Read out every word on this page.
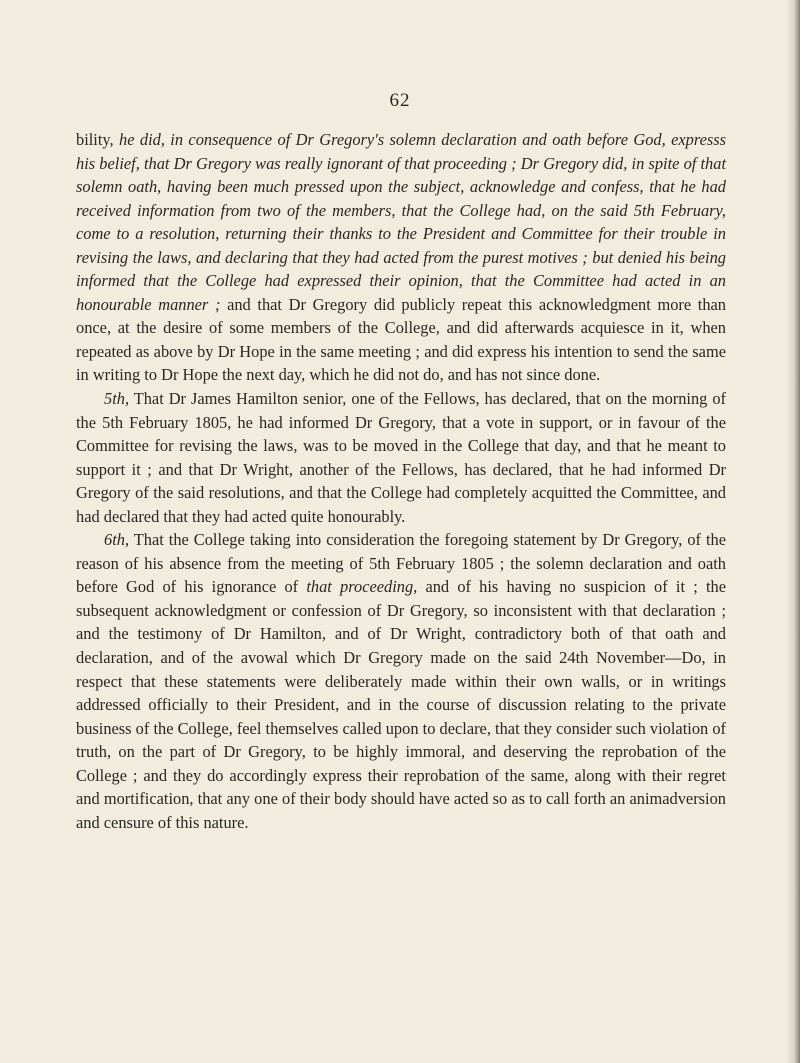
62

bility, he did, in consequence of Dr Gregory's solemn declaration and oath before God, expresss his belief, that Dr Gregory was really ignorant of that proceeding ; Dr Gregory did, in spite of that solemn oath, having been much pressed upon the subject, acknowledge and confess, that he had received information from two of the members, that the College had, on the said 5th February, come to a resolution, returning their thanks to the President and Committee for their trouble in revising the laws, and declaring that they had acted from the purest motives ; but denied his being informed that the College had expressed their opinion, that the Committee had acted in an honourable manner ; and that Dr Gregory did publicly repeat this acknowledgment more than once, at the desire of some members of the College, and did afterwards acquiesce in it, when repeated as above by Dr Hope in the same meeting ; and did express his intention to send the same in writing to Dr Hope the next day, which he did not do, and has not since done.

5th, That Dr James Hamilton senior, one of the Fellows, has declared, that on the morning of the 5th February 1805, he had informed Dr Gregory, that a vote in support, or in favour of the Committee for revising the laws, was to be moved in the College that day, and that he meant to support it ; and that Dr Wright, another of the Fellows, has declared, that he had informed Dr Gregory of the said resolutions, and that the College had completely acquitted the Committee, and had declared that they had acted quite honourably.

6th, That the College taking into consideration the foregoing statement by Dr Gregory, of the reason of his absence from the meeting of 5th February 1805 ; the solemn declaration and oath before God of his ignorance of that proceeding, and of his having no suspicion of it ; the subsequent acknowledgment or confession of Dr Gregory, so inconsistent with that declaration ; and the testimony of Dr Hamilton, and of Dr Wright, contradictory both of that oath and declaration, and of the avowal which Dr Gregory made on the said 24th November—Do, in respect that these statements were deliberately made within their own walls, or in writings addressed officially to their President, and in the course of discussion relating to the private business of the College, feel themselves called upon to declare, that they consider such violation of truth, on the part of Dr Gregory, to be highly immoral, and deserving the reprobation of the College ; and they do accordingly express their reprobation of the same, along with their regret and mortification, that any one of their body should have acted so as to call forth an animadversion and censure of this nature.
